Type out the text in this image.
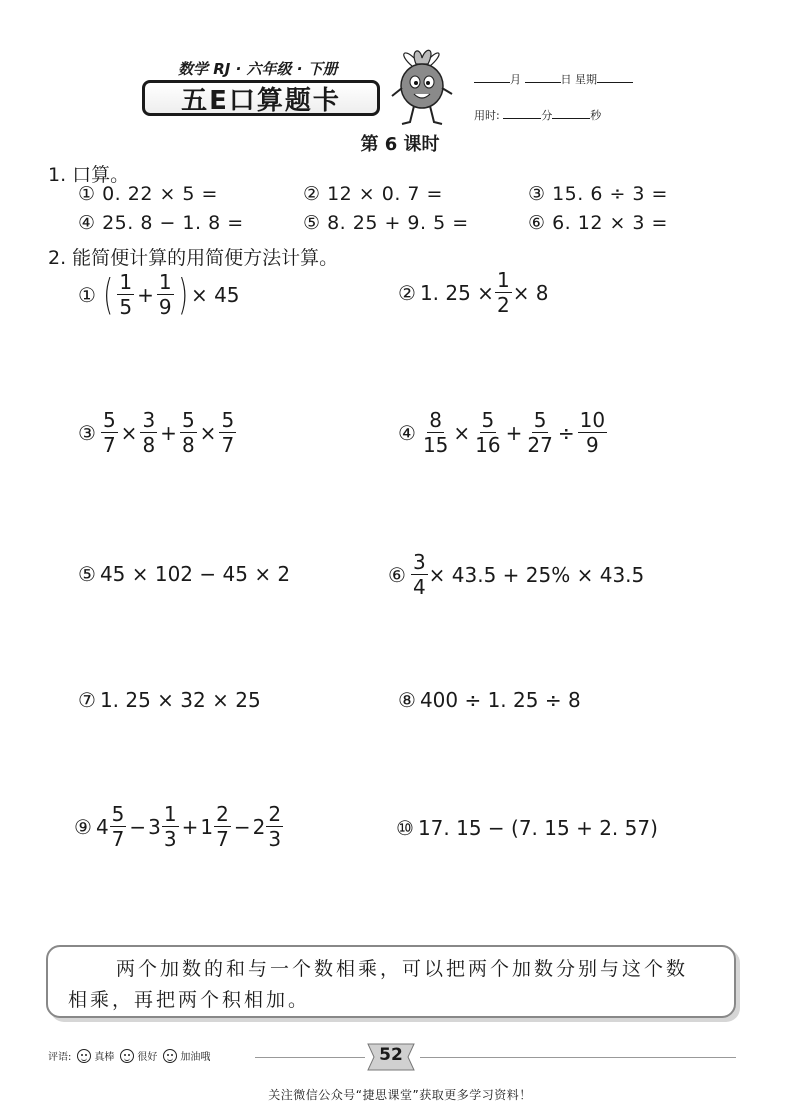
数学 RJ · 六年级 · 下册
五E口算题卡
月	日 星期
用时:	分	秒
第 6 课时
1. 口算。
① 0. 22 × 5 =	② 12 × 0. 7 =	③ 15. 6 ÷ 3 =
④ 25. 8 − 1. 8 =	⑤ 8. 25 + 9. 5 =	⑥ 6. 12 × 3 =
2. 能简便计算的用简便方法计算。
① ( $\frac{1}{5} + \frac{1}{9}$ ) × 45	② 1. $25 \times \frac{1}{2} \times 8$
③ $\frac{5}{7} \times \frac{3}{8} + \frac{5}{8} \times \frac{5}{7}$	④ $\frac{8}{15} \times \frac{5}{16} + \frac{5}{27} \div \frac{10}{9}$
⑤ 45 × 102 − 45 × 2	⑥ $\frac{3}{4} \times 43.5 + 25\% \times 43.5$
⑦ 1. 25 × 32 × 25	⑧ 400 ÷ 1. 25 ÷ 8
⑨ $4 \frac{5}{7} - 3 \frac{1}{3} + 1 \frac{2}{7} - 2 \frac{2}{3}$	⑩ 17. 15 − (7. 15 + 2. 57)
两个加数的和与一个数相乘，可以把两个加数分别与这个数
相乘，再把两个积相加。
评语: 真棒 很好 加油哦	52
关注微信公众号“捷思课堂”获取更多学习资料！
